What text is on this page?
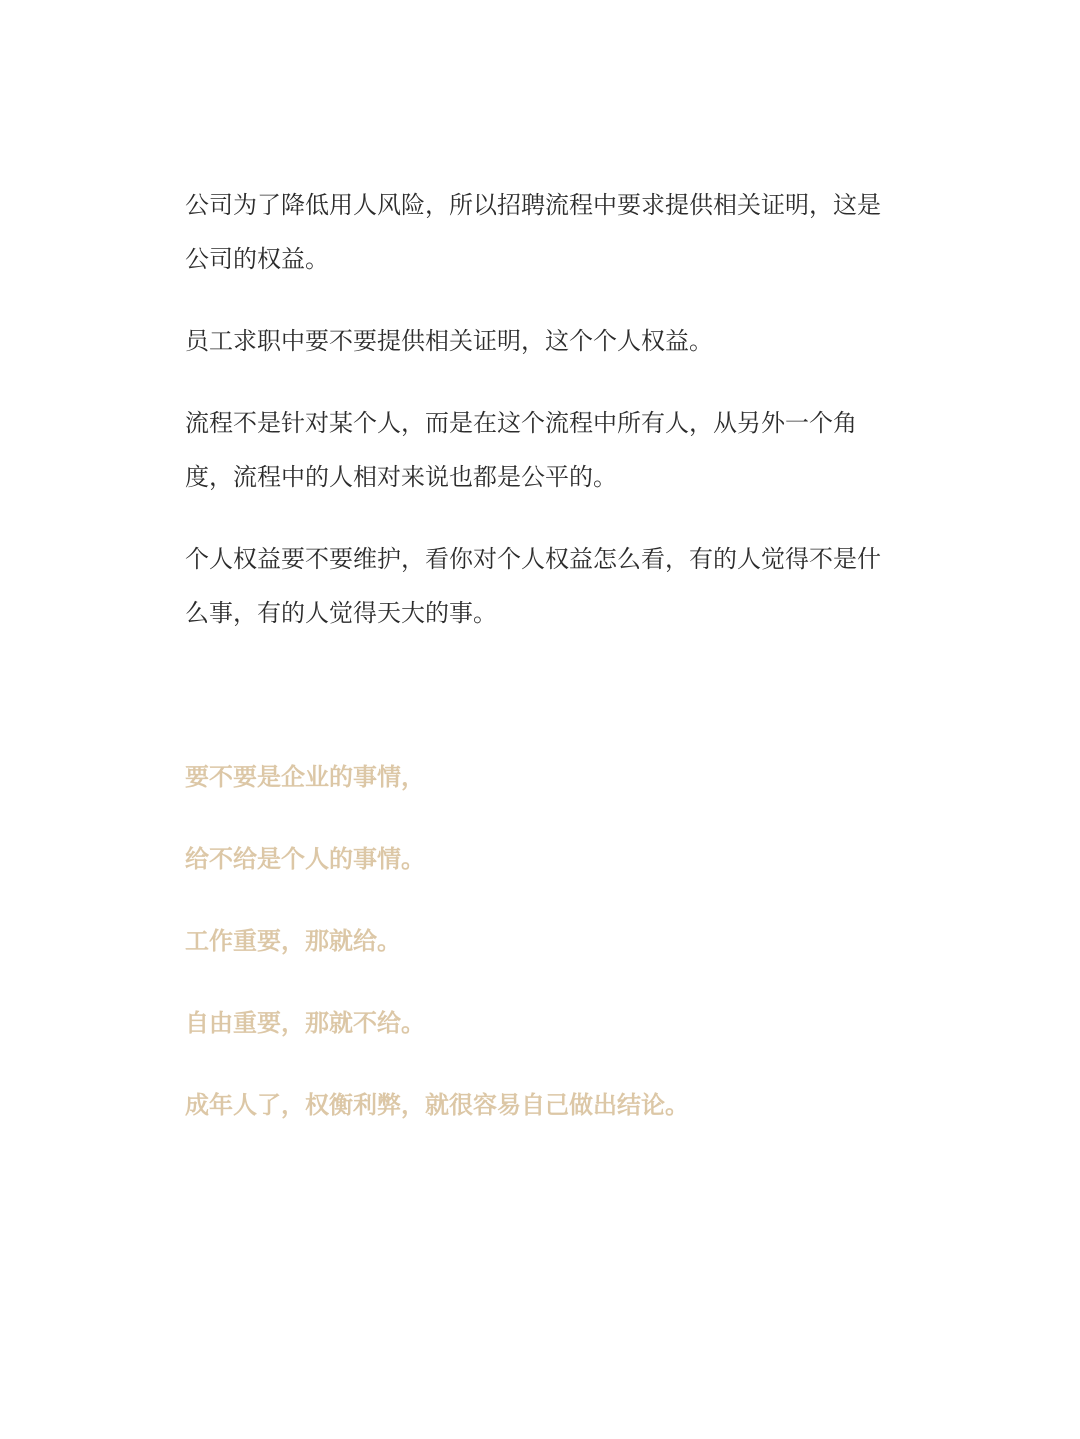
公司为了降低用人风险，所以招聘流程中要求提供相关证明，这是公司的权益。

员工求职中要不要提供相关证明，这个个人权益。

流程不是针对某个人，而是在这个流程中所有人，从另外一个角度，流程中的人相对来说也都是公平的。

个人权益要不要维护，看你对个人权益怎么看，有的人觉得不是什么事，有的人觉得天大的事。

要不要是企业的事情，

给不给是个人的事情。

工作重要，那就给。

自由重要，那就不给。

成年人了，权衡利弊，就很容易自己做出结论。
